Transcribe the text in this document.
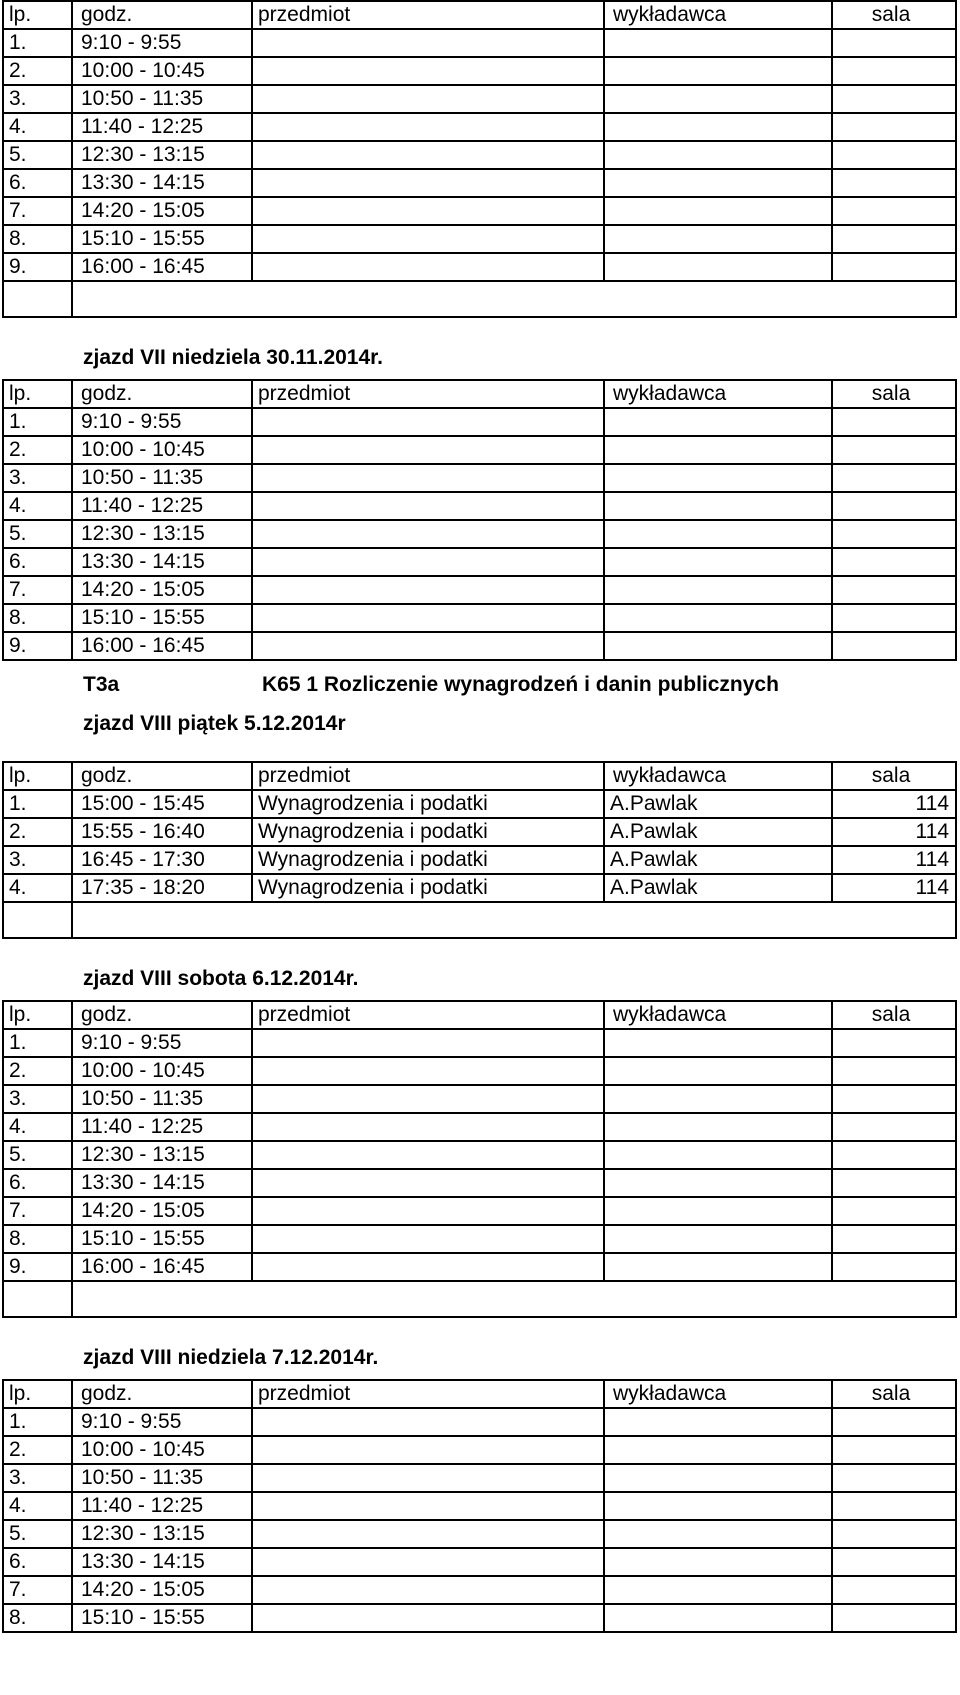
lp.	godz.	przedmiot	wykładawca	sala
1.	9:10 - 9:55			
2.	10:00 - 10:45			
3.	10:50 - 11:35			
4.	11:40 - 12:25			
5.	12:30 - 13:15			
6.	13:30 - 14:15			
7.	14:20 - 15:05			
8.	15:10 - 15:55			
9.	16:00 - 16:45			

zjazd VII niedziela 30.11.2014r.
lp.	godz.	przedmiot	wykładawca	sala
1.	9:10 - 9:55			
2.	10:00 - 10:45			
3.	10:50 - 11:35			
4.	11:40 - 12:25			
5.	12:30 - 13:15			
6.	13:30 - 14:15			
7.	14:20 - 15:05			
8.	15:10 - 15:55			
9.	16:00 - 16:45			
T3a	K65 1 Rozliczenie wynagrodzeń i danin publicznych
zjazd VIII piątek 5.12.2014r
lp.	godz.	przedmiot	wykładawca	sala
1.	15:00 - 15:45	Wynagrodzenia i podatki	A.Pawlak	114
2.	15:55 - 16:40	Wynagrodzenia i podatki	A.Pawlak	114
3.	16:45 - 17:30	Wynagrodzenia i podatki	A.Pawlak	114
4.	17:35 - 18:20	Wynagrodzenia i podatki	A.Pawlak	114

zjazd VIII sobota 6.12.2014r.
lp.	godz.	przedmiot	wykładawca	sala
1.	9:10 - 9:55			
2.	10:00 - 10:45			
3.	10:50 - 11:35			
4.	11:40 - 12:25			
5.	12:30 - 13:15			
6.	13:30 - 14:15			
7.	14:20 - 15:05			
8.	15:10 - 15:55			
9.	16:00 - 16:45			

zjazd VIII niedziela 7.12.2014r.
lp.	godz.	przedmiot	wykładawca	sala
1.	9:10 - 9:55			
2.	10:00 - 10:45			
3.	10:50 - 11:35			
4.	11:40 - 12:25			
5.	12:30 - 13:15			
6.	13:30 - 14:15			
7.	14:20 - 15:05			
8.	15:10 - 15:55			
